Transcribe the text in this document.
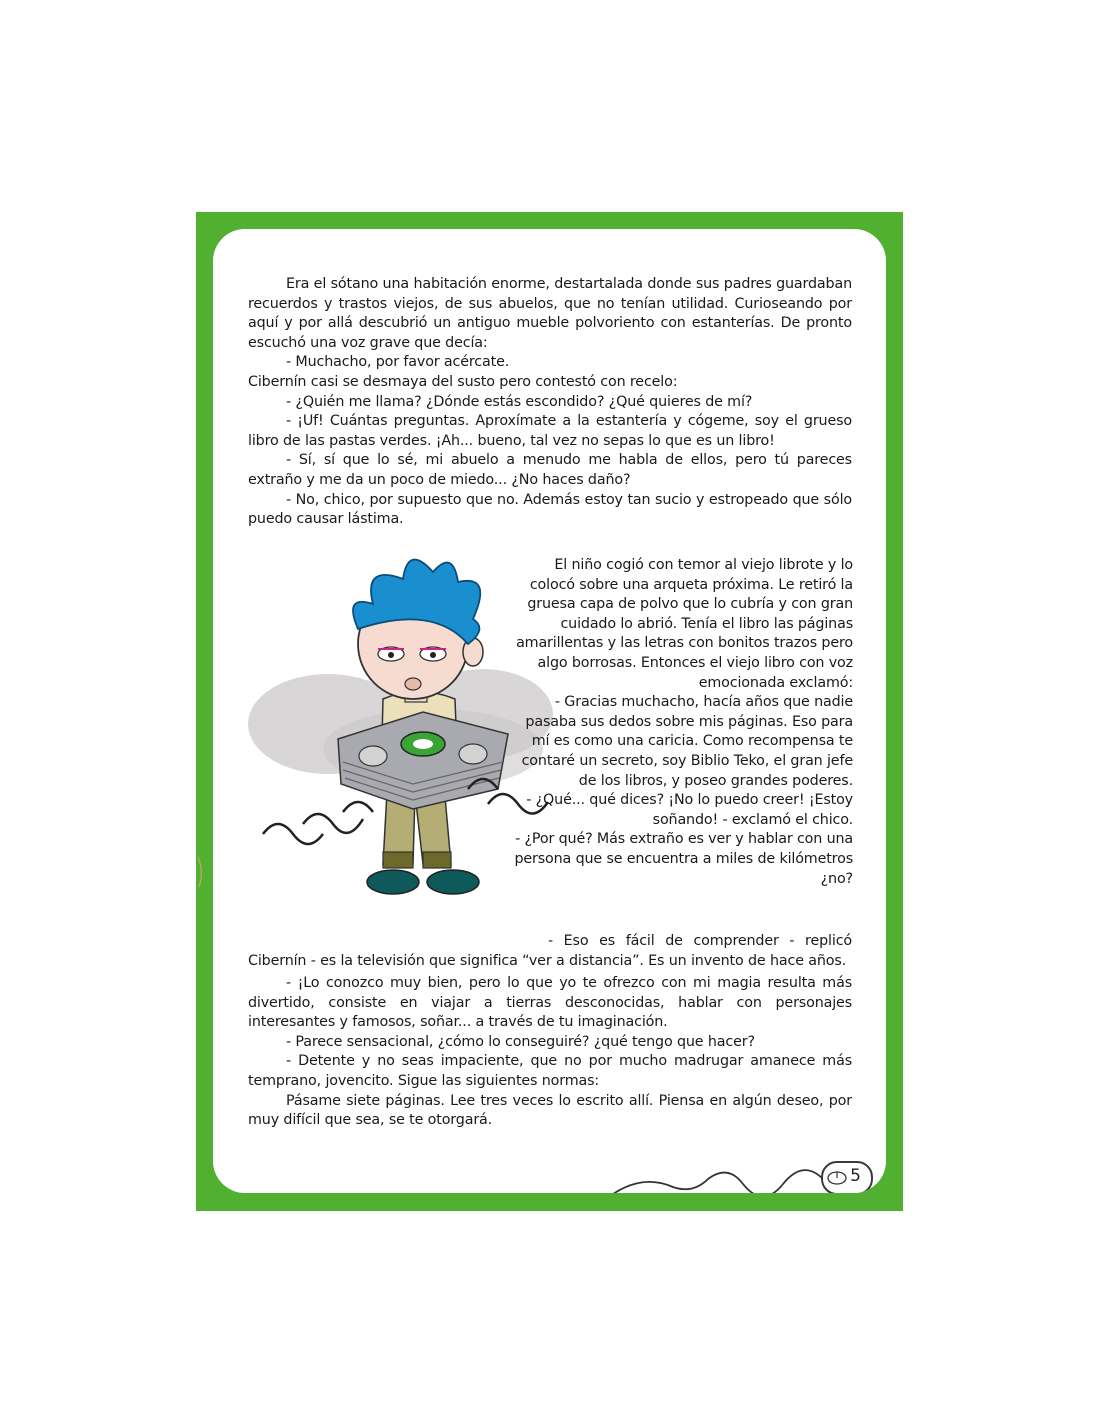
Era el sótano una habitación enorme, destartalada donde sus padres guardaban recuerdos y trastos viejos, de sus abuelos, que no tenían utilidad. Curioseando por aquí y por allá descubrió un antiguo mueble polvoriento con estanterías. De pronto escuchó una voz grave que decía:

- Muchacho, por favor acércate.

Cibernín casi se desmaya del susto pero contestó con recelo:

- ¿Quién me llama? ¿Dónde estás escondido? ¿Qué quieres de mí?

- ¡Uf! Cuántas preguntas. Aproxímate a la estantería y cógeme, soy el grueso libro de las pastas verdes. ¡Ah... bueno, tal vez no sepas lo que es un libro!

- Sí, sí que lo sé, mi abuelo a menudo me habla de ellos, pero tú pareces extraño y me da un poco de miedo... ¿No haces daño?

- No, chico, por supuesto que no. Además estoy tan sucio y estropeado que sólo puedo causar lástima.

El niño cogió con temor al viejo librote y lo colocó sobre una arqueta próxima. Le retiró la gruesa capa de polvo que lo cubría y con gran cuidado lo abrió. Tenía el libro las páginas amarillentas y las letras con bonitos trazos pero algo borrosas. Entonces el viejo libro con voz emocionada exclamó:

- Gracias muchacho, hacía años que nadie pasaba sus dedos sobre mis páginas. Eso para mí es como una caricia. Como recompensa te contaré un secreto, soy Biblio Teko, el gran jefe de los libros, y poseo grandes poderes.

- ¿Qué... qué dices? ¡No lo puedo creer! ¡Estoy soñando! - exclamó el chico.

- ¿Por qué? Más extraño es ver y hablar con una persona que se encuentra a miles de kilómetros ¿no?

- Eso es fácil de comprender - replicó Cibernín - es la televisión que significa “ver a distancia”. Es un invento de hace años.

- ¡Lo conozco muy bien, pero lo que yo te ofrezco con mi magia resulta más divertido, consiste en viajar a tierras desconocidas, hablar con personajes interesantes y famosos, soñar... a través de tu imaginación.

- Parece sensacional, ¿cómo lo conseguiré? ¿qué tengo que hacer?

- Detente y no seas impaciente, que no por mucho madrugar amanece más temprano, jovencito. Sigue las siguientes normas:

Pásame siete páginas. Lee tres veces lo escrito allí. Piensa en algún deseo, por muy difícil que sea, se te otorgará.

5
